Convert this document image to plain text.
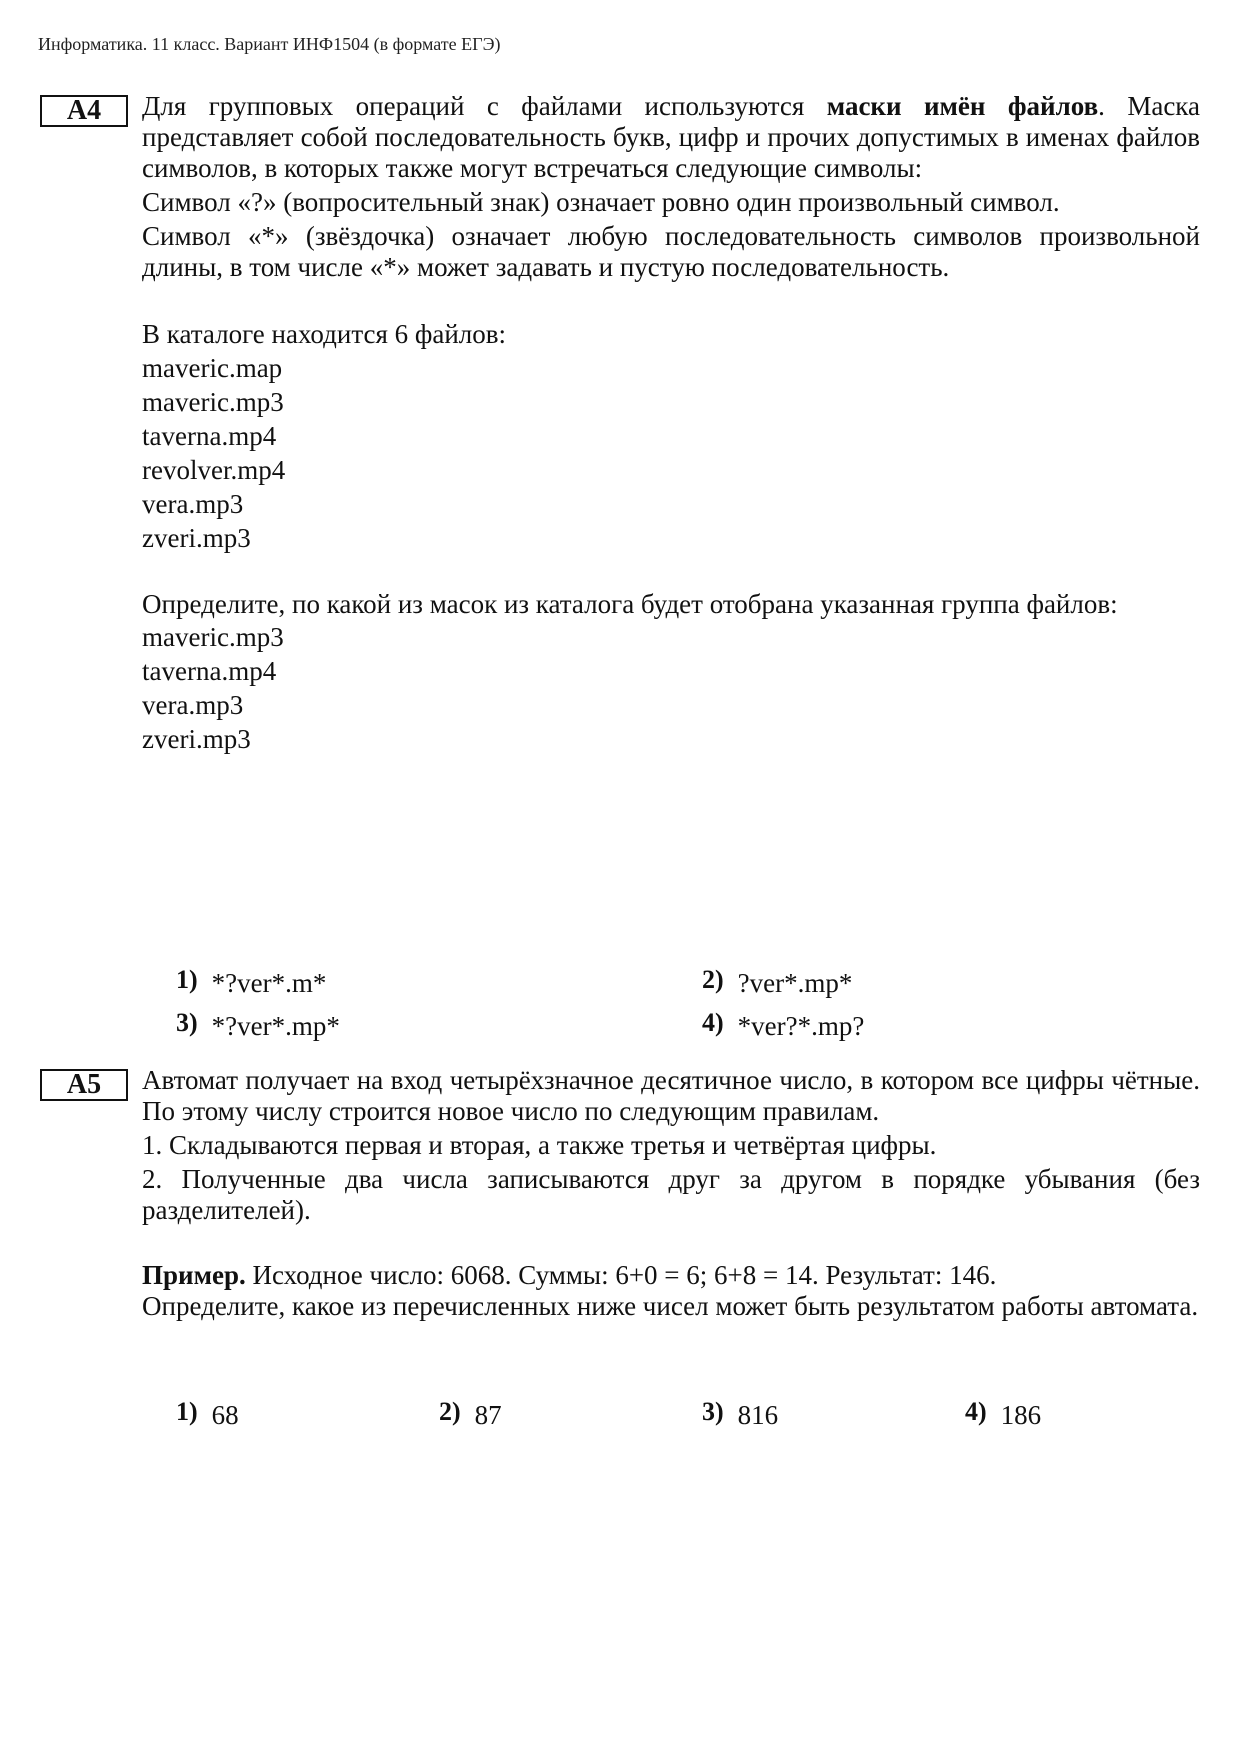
Информатика. 11 класс. Вариант ИНФ1504 (в формате ЕГЭ)
А4	Для групповых операций с файлами используются маски имён файлов. Маска представляет собой последовательность букв, цифр и прочих допустимых в именах файлов символов, в которых также могут встречаться следующие символы:

Символ «?» (вопросительный знак) означает ровно один произвольный символ.

Символ «*» (звёздочка) означает любую последовательность символов произвольной длины, в том числе «*» может задавать и пустую последовательность.

В каталоге находится 6 файлов:
maveric.map
maveric.mp3
taverna.mp4
revolver.mp4
vera.mp3
zveri.mp3

Определите, по какой из масок из каталога будет отобрана указанная группа файлов:

maveric.mp3
taverna.mp4
vera.mp3
zveri.mp3
1) *?ver*.m*	2) ?ver*.mp*
3) *?ver*.mp*	4) *ver?*.mp?
А5	Автомат получает на вход четырёхзначное десятичное число, в котором все цифры чётные. По этому числу строится новое число по следующим правилам.

1. Складываются первая и вторая, а также третья и четвёртая цифры.

2. Полученные два числа записываются друг за другом в порядке убывания (без разделителей).

Пример. Исходное число: 6068. Суммы: 6+0 = 6; 6+8 = 14. Результат: 146.

Определите, какое из перечисленных ниже чисел может быть результатом работы автомата.

1) 68	2) 87	3) 816	4) 186
